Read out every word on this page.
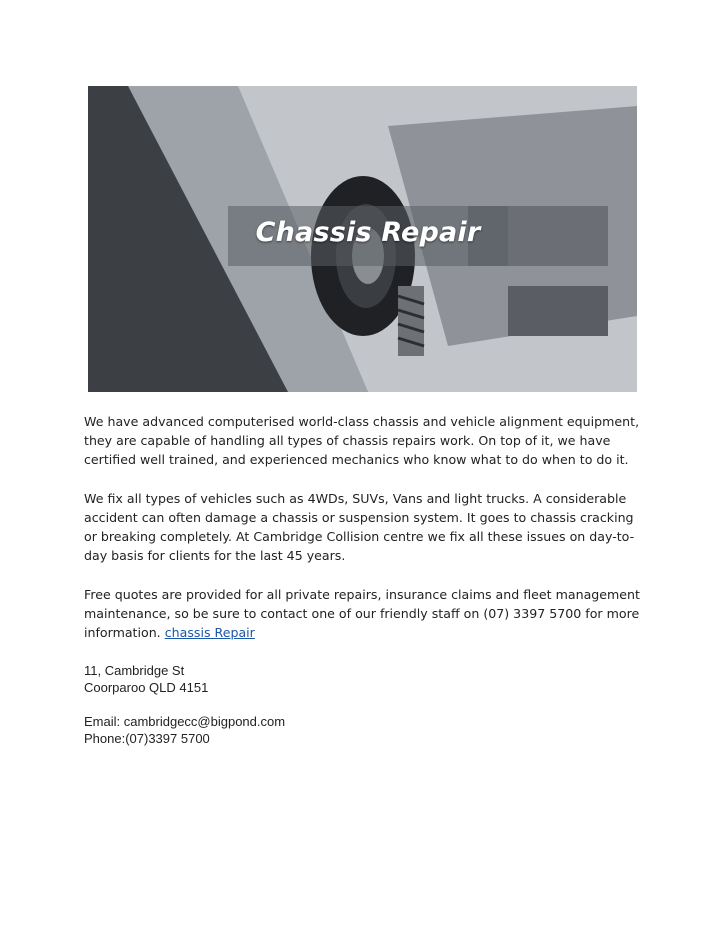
Chassis Repair

We have advanced computerised world-class chassis and vehicle alignment equipment, they are capable of handling all types of chassis repairs work. On top of it, we have certified well trained, and experienced mechanics who know what to do when to do it.

We fix all types of vehicles such as 4WDs, SUVs, Vans and light trucks. A considerable accident can often damage a chassis or suspension system. It goes to chassis cracking or breaking completely. At Cambridge Collision centre we fix all these issues on day-to-day basis for clients for the last 45 years.

Free quotes are provided for all private repairs, insurance claims and fleet management maintenance, so be sure to contact one of our friendly staff on (07) 3397 5700 for more information. chassis Repair

11, Cambridge St
Coorparoo QLD 4151
Email: cambridgecc@bigpond.com
Phone:(07)3397 5700
